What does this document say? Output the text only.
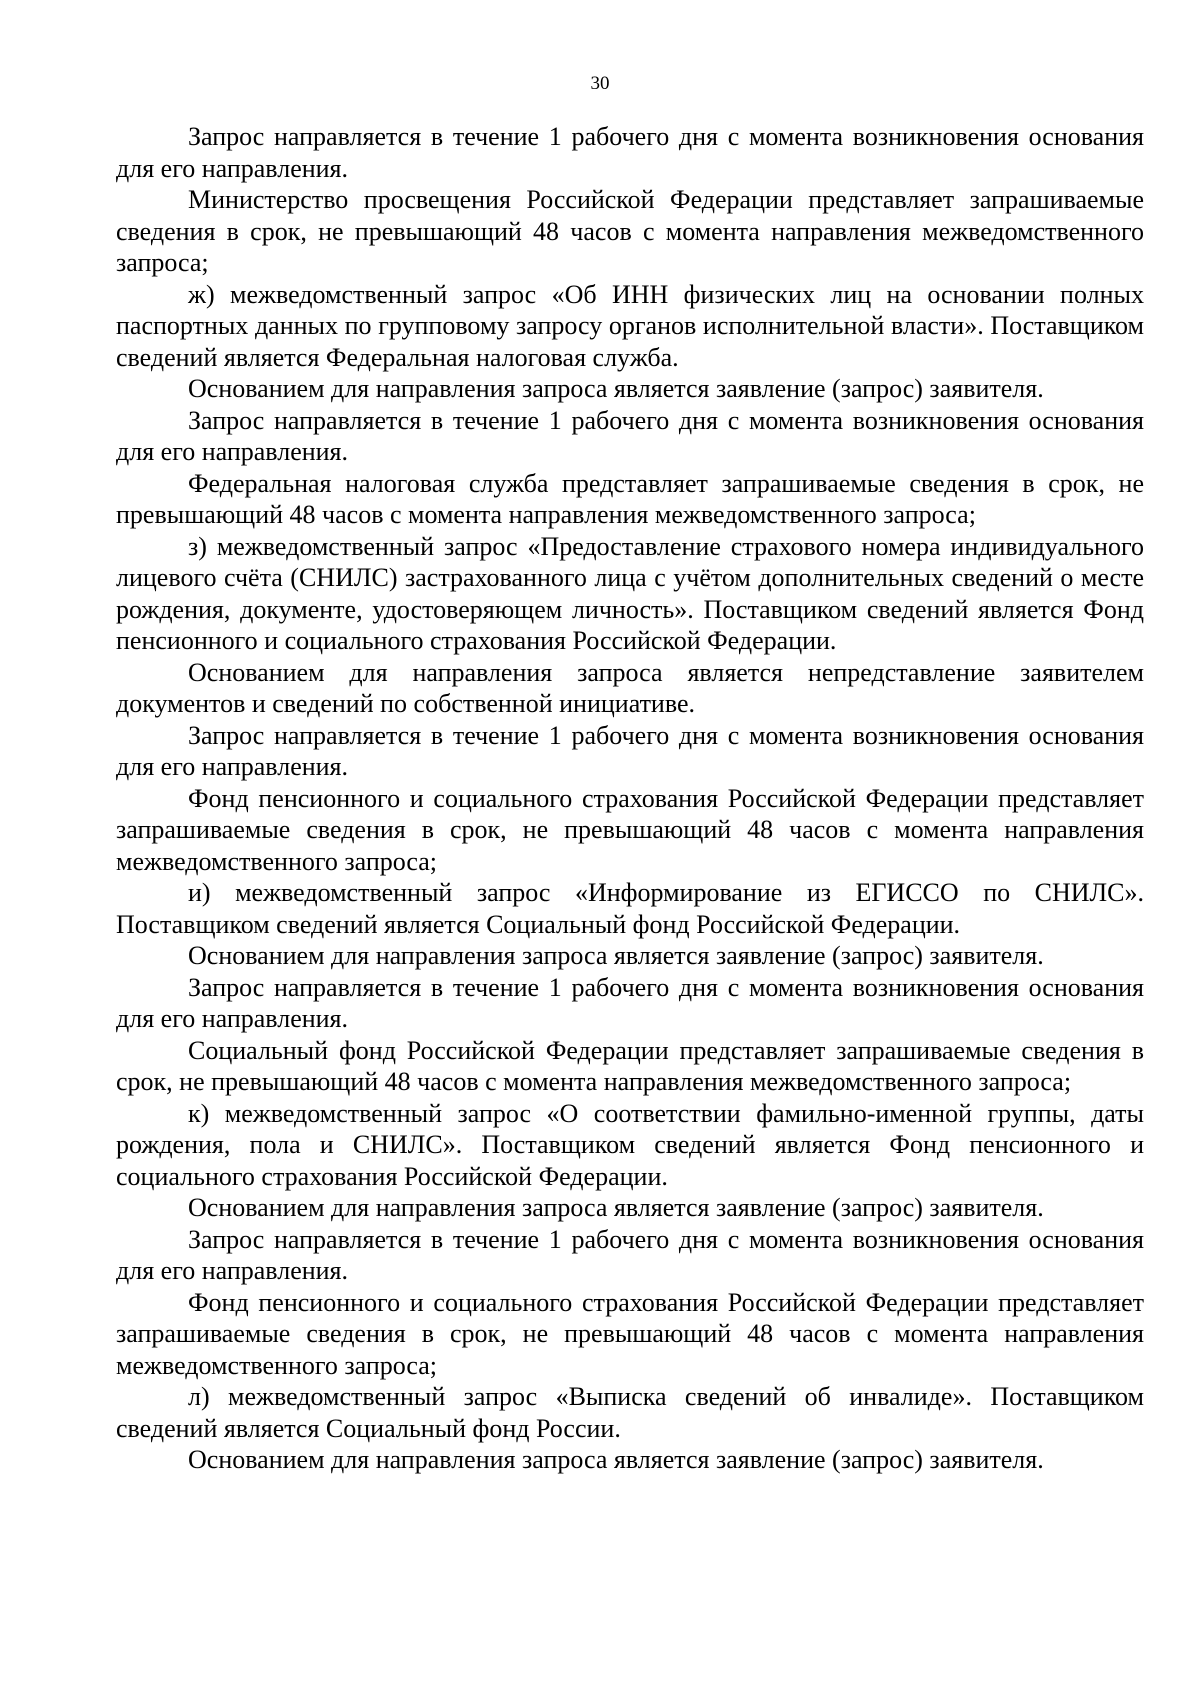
30

Запрос направляется в течение 1 рабочего дня с момента возникновения основания для его направления.

Министерство просвещения Российской Федерации представляет запрашиваемые сведения в срок, не превышающий 48 часов с момента направления межведомственного запроса;

ж) межведомственный запрос «Об ИНН физических лиц на основании полных паспортных данных по групповому запросу органов исполнительной власти». Поставщиком сведений является Федеральная налоговая служба.

Основанием для направления запроса является заявление (запрос) заявителя.

Запрос направляется в течение 1 рабочего дня с момента возникновения основания для его направления.

Федеральная налоговая служба представляет запрашиваемые сведения в срок, не превышающий 48 часов с момента направления межведомственного запроса;

з) межведомственный запрос «Предоставление страхового номера индивидуального лицевого счёта (СНИЛС) застрахованного лица с учётом дополнительных сведений о месте рождения, документе, удостоверяющем личность». Поставщиком сведений является Фонд пенсионного и социального страхования Российской Федерации.

Основанием для направления запроса является непредставление заявителем документов и сведений по собственной инициативе.

Запрос направляется в течение 1 рабочего дня с момента возникновения основания для его направления.

Фонд пенсионного и социального страхования Российской Федерации представляет запрашиваемые сведения в срок, не превышающий 48 часов с момента направления межведомственного запроса;

и) межведомственный запрос «Информирование из ЕГИССО по СНИЛС». Поставщиком сведений является Социальный фонд Российской Федерации.

Основанием для направления запроса является заявление (запрос) заявителя.

Запрос направляется в течение 1 рабочего дня с момента возникновения основания для его направления.

Социальный фонд Российской Федерации представляет запрашиваемые сведения в срок, не превышающий 48 часов с момента направления межведомственного запроса;

к) межведомственный запрос «О соответствии фамильно-именной группы, даты рождения, пола и СНИЛС». Поставщиком сведений является Фонд пенсионного и социального страхования Российской Федерации.

Основанием для направления запроса является заявление (запрос) заявителя.

Запрос направляется в течение 1 рабочего дня с момента возникновения основания для его направления.

Фонд пенсионного и социального страхования Российской Федерации представляет запрашиваемые сведения в срок, не превышающий 48 часов с момента направления межведомственного запроса;

л) межведомственный запрос «Выписка сведений об инвалиде». Поставщиком сведений является Социальный фонд России.

Основанием для направления запроса является заявление (запрос) заявителя.
